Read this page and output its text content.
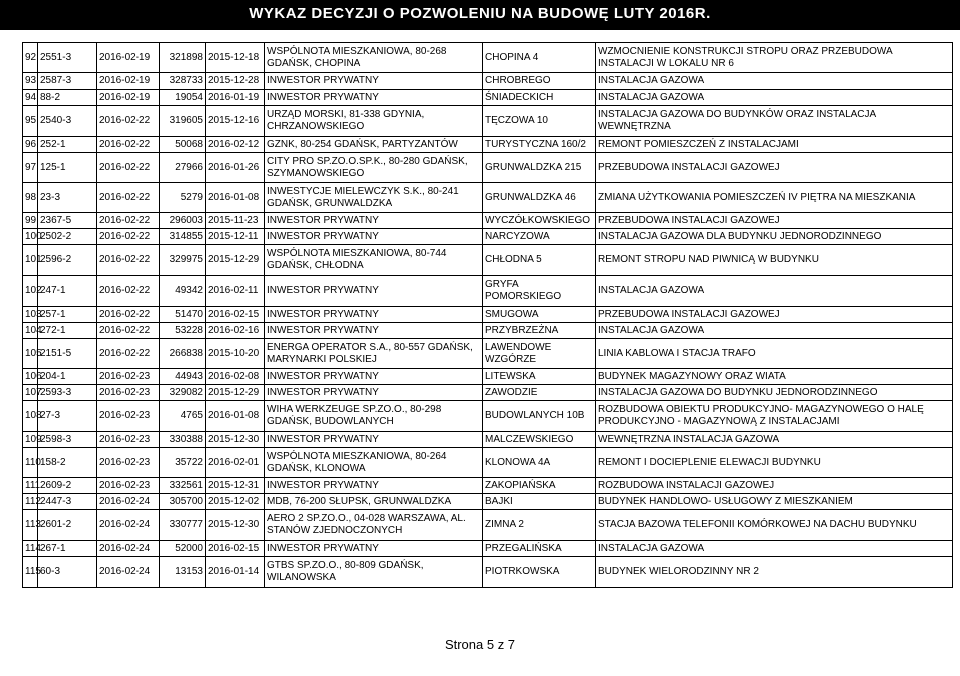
WYKAZ DECYZJI O POZWOLENIU NA BUDOWĘ LUTY 2016R.
92	2551-3	2016-02-19	321898	2015-12-18	WSPÓLNOTA MIESZKANIOWA, 80-268 GDAŃSK, CHOPINA	CHOPINA 4	WZMOCNIENIE KONSTRUKCJI STROPU ORAZ PRZEBUDOWA INSTALACJI W LOKALU NR 6
93	2587-3	2016-02-19	328733	2015-12-28	INWESTOR PRYWATNY	CHROBREGO	INSTALACJA GAZOWA
94	88-2	2016-02-19	19054	2016-01-19	INWESTOR PRYWATNY	ŚNIADECKICH	INSTALACJA GAZOWA
95	2540-3	2016-02-22	319605	2015-12-16	URZĄD MORSKI, 81-338 GDYNIA, CHRZANOWSKIEGO	TĘCZOWA 10	INSTALACJA GAZOWA DO BUDYNKÓW ORAZ INSTALACJA WEWNĘTRZNA
96	252-1	2016-02-22	50068	2016-02-12	GZNK, 80-254 GDAŃSK, PARTYZANTÓW	TURYSTYCZNA 160/2	REMONT POMIESZCZEŃ Z INSTALACJAMI
97	125-1	2016-02-22	27966	2016-01-26	CITY PRO SP.ZO.O.SP.K., 80-280 GDAŃSK, SZYMANOWSKIEGO	GRUNWALDZKA 215	PRZEBUDOWA INSTALACJI GAZOWEJ
98	23-3	2016-02-22	5279	2016-01-08	INWESTYCJE MIELEWCZYK S.K., 80-241 GDAŃSK, GRUNWALDZKA	GRUNWALDZKA 46	ZMIANA UŻYTKOWANIA POMIESZCZEŃ IV PIĘTRA NA MIESZKANIA
99	2367-5	2016-02-22	296003	2015-11-23	INWESTOR PRYWATNY	WYCZÓŁKOWSKIEGO	PRZEBUDOWA INSTALACJI GAZOWEJ
100	2502-2	2016-02-22	314855	2015-12-11	INWESTOR PRYWATNY	NARCYZOWA	INSTALACJA GAZOWA DLA BUDYNKU JEDNORODZINNEGO
101	2596-2	2016-02-22	329975	2015-12-29	WSPÓLNOTA MIESZKANIOWA, 80-744 GDAŃSK, CHŁODNA	CHŁODNA 5	REMONT STROPU NAD PIWNICĄ W BUDYNKU
102	247-1	2016-02-22	49342	2016-02-11	INWESTOR PRYWATNY	GRYFA POMORSKIEGO	INSTALACJA GAZOWA
103	257-1	2016-02-22	51470	2016-02-15	INWESTOR PRYWATNY	SMUGOWA	PRZEBUDOWA INSTALACJI GAZOWEJ
104	272-1	2016-02-22	53228	2016-02-16	INWESTOR PRYWATNY	PRZYBRZEŻNA	INSTALACJA GAZOWA
105	2151-5	2016-02-22	266838	2015-10-20	ENERGA OPERATOR S.A., 80-557 GDAŃSK, MARYNARKI POLSKIEJ	LAWENDOWE WZGÓRZE	LINIA KABLOWA I STACJA TRAFO
106	204-1	2016-02-23	44943	2016-02-08	INWESTOR PRYWATNY	LITEWSKA	BUDYNEK MAGAZYNOWY ORAZ WIATA
107	2593-3	2016-02-23	329082	2015-12-29	INWESTOR PRYWATNY	ZAWODZIE	INSTALACJA GAZOWA DO BUDYNKU JEDNORODZINNEGO
108	27-3	2016-02-23	4765	2016-01-08	WIHA WERKZEUGE SP.ZO.O., 80-298 GDAŃSK, BUDOWLANYCH	BUDOWLANYCH 10B	ROZBUDOWA OBIEKTU PRODUKCYJNO- MAGAZYNOWEGO O HALĘ PRODUKCYJNO - MAGAZYNOWĄ Z INSTALACJAMI
109	2598-3	2016-02-23	330388	2015-12-30	INWESTOR PRYWATNY	MALCZEWSKIEGO	WEWNĘTRZNA INSTALACJA GAZOWA
110	158-2	2016-02-23	35722	2016-02-01	WSPÓLNOTA MIESZKANIOWA, 80-264 GDAŃSK, KLONOWA	KLONOWA 4A	REMONT I DOCIEPLENIE ELEWACJI BUDYNKU
111	2609-2	2016-02-23	332561	2015-12-31	INWESTOR PRYWATNY	ZAKOPIAŃSKA	ROZBUDOWA INSTALACJI GAZOWEJ
112	2447-3	2016-02-24	305700	2015-12-02	MDB, 76-200 SŁUPSK, GRUNWALDZKA	BAJKI	BUDYNEK HANDLOWO- USŁUGOWY Z MIESZKANIEM
113	2601-2	2016-02-24	330777	2015-12-30	AERO 2 SP.ZO.O., 04-028 WARSZAWA, AL. STANÓW ZJEDNOCZONYCH	ZIMNA 2	STACJA BAZOWA TELEFONII KOMÓRKOWEJ NA DACHU BUDYNKU
114	267-1	2016-02-24	52000	2016-02-15	INWESTOR PRYWATNY	PRZEGALIŃSKA	INSTALACJA GAZOWA
115	60-3	2016-02-24	13153	2016-01-14	GTBS SP.ZO.O., 80-809 GDAŃSK, WILANOWSKA	PIOTRKOWSKA	BUDYNEK WIELORODZINNY NR 2
Strona 5 z 7
